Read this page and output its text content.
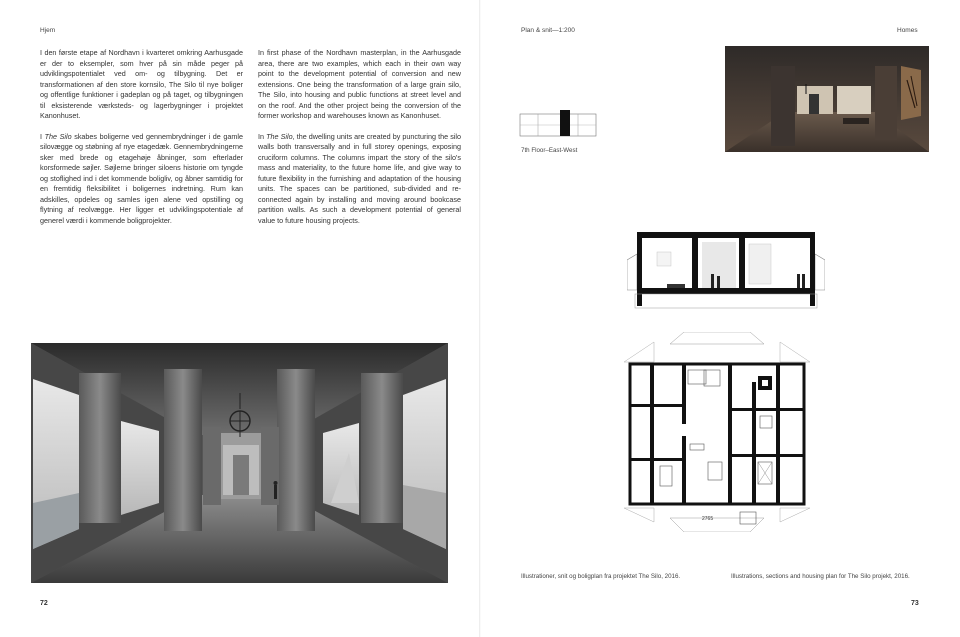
Hjem

I den første etape af Nordhavn i kvarteret omkring Aarhusgade er der to eksempler, som hver på sin måde peger på udviklingspotentialet ved om- og tilbygning. Det er transformationen af den store kornsilo, The Silo til nye boliger og offentlige funktioner i gadeplan og på taget, og tilbygningen til eksisterende værksteds- og lagerbygninger i projektet Kanonhuset.

I The Silo skabes boligerne ved gennembrydninger i de gamle silovægge og støbning af nye etagedæk. Gennembrydningerne sker med brede og etagehøje åbninger, som efterlader korsformede søjler. Søjlerne bringer siloens historie om tyngde og stoflighed ind i det kommende boligliv, og åbner samtidig for en fremtidig fleksibilitet i boligernes indretning. Rum kan adskilles, opdeles og samles igen alene ved opstilling og flytning af reolvægge. Her ligger et udviklingspotentiale af generel værdi i kommende boligprojekter.

In first phase of the Nordhavn masterplan, in the Aarhusgade area, there are two examples, which each in their own way point to the development potential of conversion and new extensions. One being the transformation of a large grain silo, The Silo, into housing and public functions at street level and on the roof. And the other project being the conversion of the former workshop and warehouses known as Kanonhuset.

In The Silo, the dwelling units are created by puncturing the silo walls both transversally and in full storey openings, exposing cruciform columns. The columns impart the story of the silo's mass and materiality, to the future home life, and give way to future flexibility in the furnishing and adaptation of the housing units. The spaces can be partitioned, sub-divided and re-connected again by installing and moving around bookcase partition walls. As such a development potential of general value to future housing projects.

72
Plan & snit—1:200	Homes
7th Floor–East-West
2765
Illustrationer, snit og boligplan fra projektet The Silo, 2016.	Illustrations, sections and housing plan for The Silo projekt, 2016.
73
